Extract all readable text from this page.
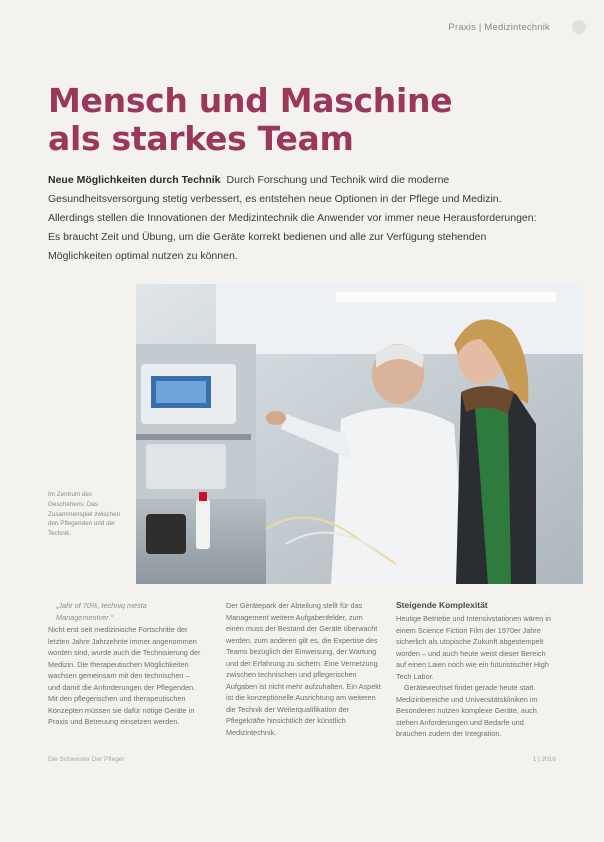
Praxis | Medizintechnik
Mensch und Maschine als starkes Team

Neue Möglichkeiten durch Technik Durch Forschung und Technik wird die moderne Gesundheitsversorgung stetig verbessert, es entstehen neue Optionen in der Pflege und Medizin. Allerdings stellen die Innovationen der Medizintechnik die Anwender vor immer neue Herausforderungen: Es braucht Zeit und Übung, um die Geräte korrekt bedienen und alle zur Verfügung stehenden Möglichkeiten optimal nutzen zu können.

Im Zentrum des Geschehens: Das Zusammenspiel zwischen den Pflegenden und der Technik.
„Jahr of 70%, techniq mesta Managementver.“

Nicht erst seit medizinische Fortschritte der letzten Jahre Jahrzehnte immer angenommen worden sind, wurde auch die Technisierung der Medizin. Die therapeutischen Möglichkeiten wachsen gemeinsam mit den technischen – und damit die Anforderungen der Pflegenden. Mit den pflegerischen und therapeutischen Konzepten müssen sie dafür nötige Geräte in Praxis und Betreuung einsetzen werden.

Der Gerätepark der Abteilung stellt für das Management weitere Aufgabenfelder, zum einen muss der Bestand der Geräte überwacht werden, zum anderen gilt es, die Expertise des Teams bezüglich der Einweisung, der Wartung und der Erfahrung zu sichern. Eine Vernetzung zwischen technischen und pflegerischen Aufgaben ist nicht mehr aufzuhalten. Ein Aspekt ist die konzeptionelle Ausrichtung am weiteren die Technik der Weiterqualifikation der Pflegekräfte hinsichtlich der künstlich Medizintechnik.

Steigende Komplexität

Heutige Betriebe und Intensivstationen wären in einem Science Fiction Film der 1970er Jahre sicherlich als utopische Zukunft abgestempelt worden – und auch heute weist dieser Bereich auf einen Laien noch wie ein futuristischer High Tech Labor.

Gerätewechsel findet gerade heute statt. Medizinbereiche und Universitätskliniken im Besonderen nutzen komplexe Geräte, auch stehen Anforderungen und Bedarfe und brauchen zudem der Integration.

Die Schwester Der Pfleger	1 | 2016
